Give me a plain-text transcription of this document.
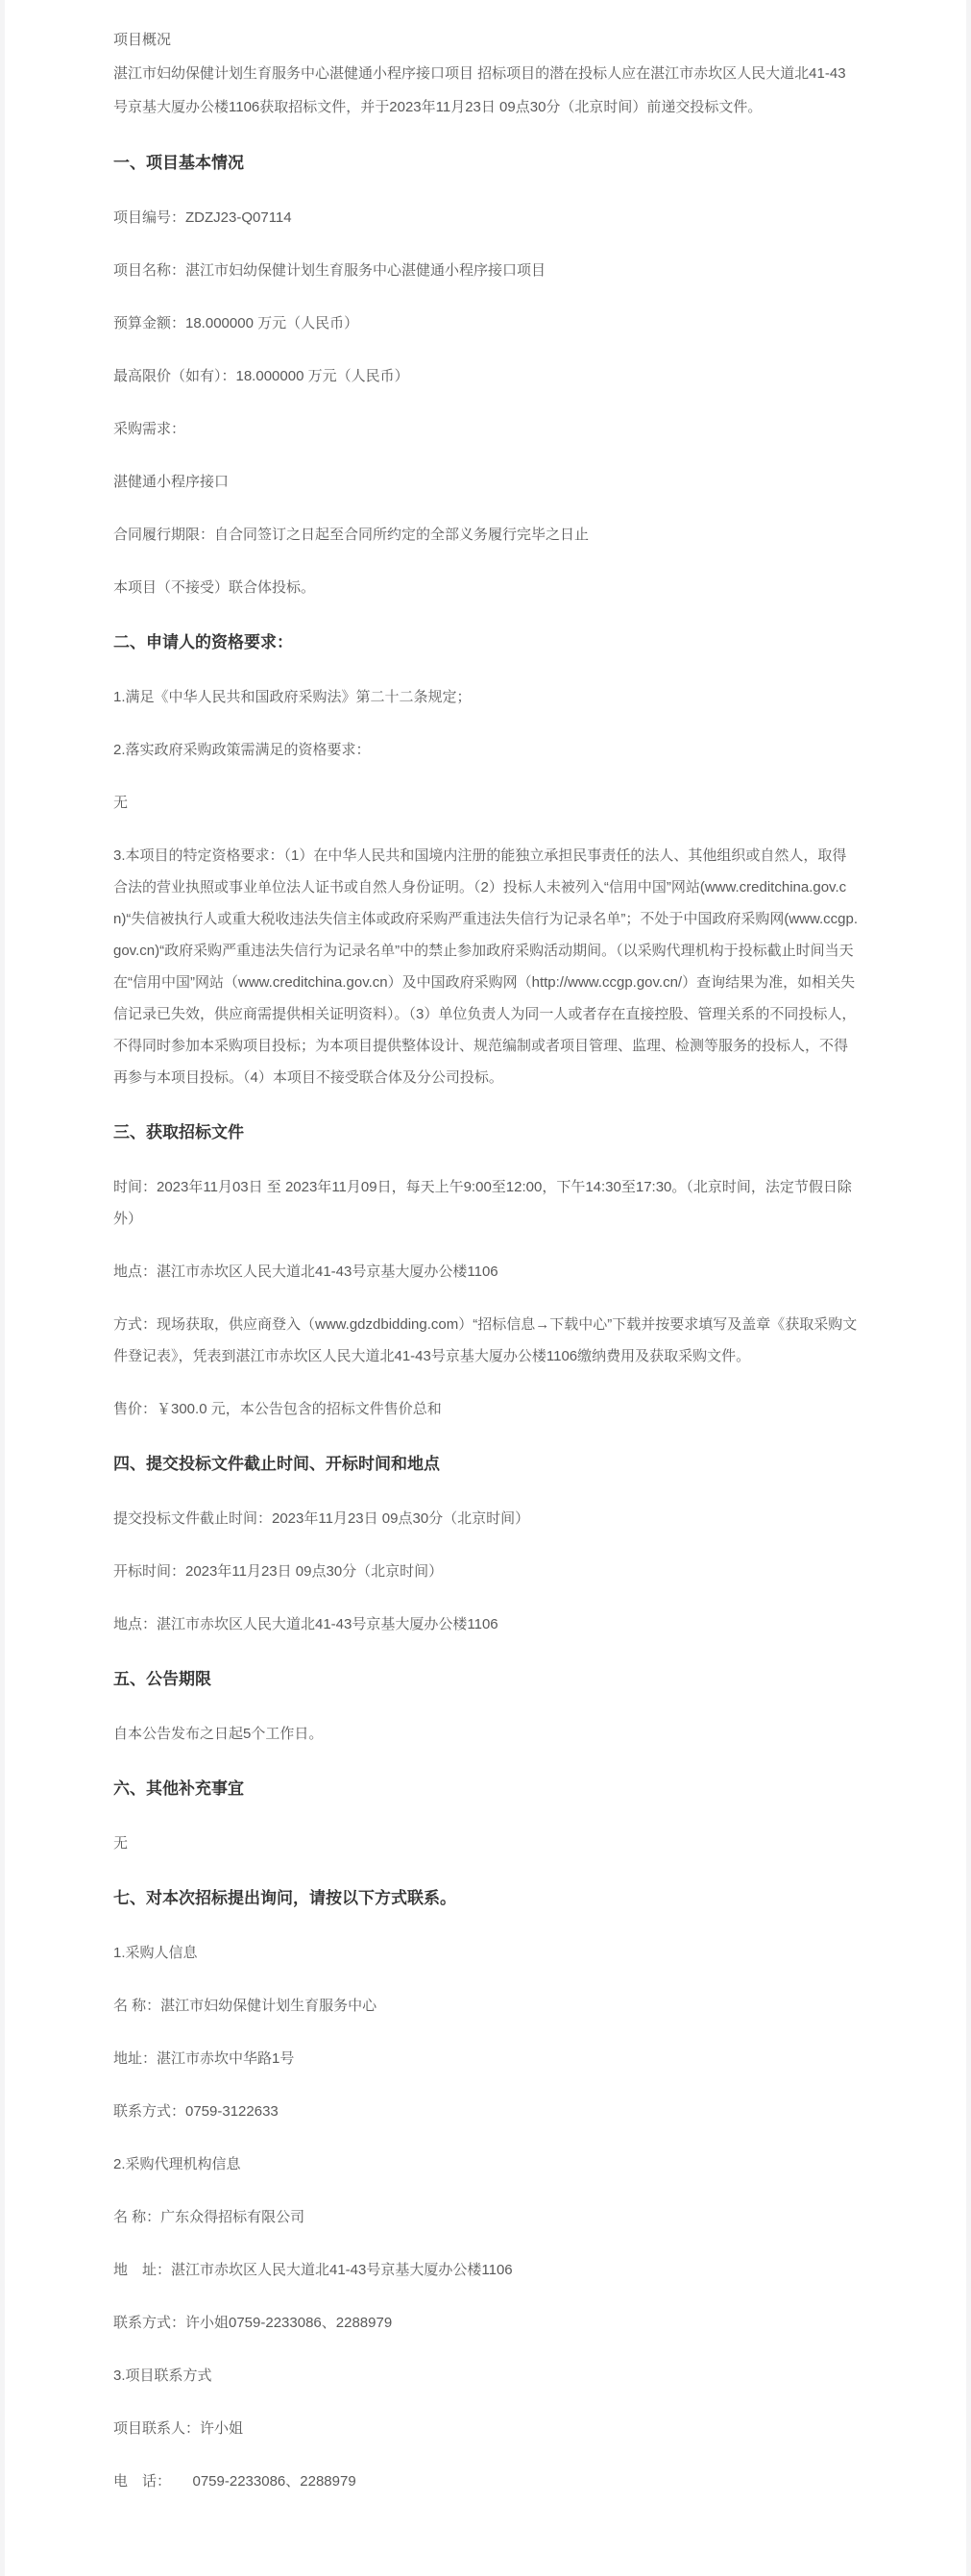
项目概况

湛江市妇幼保健计划生育服务中心湛健通小程序接口项目 招标项目的潜在投标人应在湛江市赤坎区人民大道北41-43号京基大厦办公楼1106获取招标文件，并于2023年11月23日 09点30分（北京时间）前递交投标文件。

一、项目基本情况

项目编号：ZDZJ23-Q07114

项目名称：湛江市妇幼保健计划生育服务中心湛健通小程序接口项目

预算金额：18.000000 万元（人民币）

最高限价（如有）：18.000000 万元（人民币）

采购需求：

湛健通小程序接口

合同履行期限：自合同签订之日起至合同所约定的全部义务履行完毕之日止

本项目（不接受）联合体投标。

二、申请人的资格要求：

1.满足《中华人民共和国政府采购法》第二十二条规定；

2.落实政府采购政策需满足的资格要求：

无

3.本项目的特定资格要求：（1）在中华人民共和国境内注册的能独立承担民事责任的法人、其他组织或自然人，取得合法的营业执照或事业单位法人证书或自然人身份证明。（2）投标人未被列入“信用中国”网站(www.creditchina.gov.cn)“失信被执行人或重大税收违法失信主体或政府采购严重违法失信行为记录名单”；不处于中国政府采购网(www.ccgp.gov.cn)“政府采购严重违法失信行为记录名单”中的禁止参加政府采购活动期间。（以采购代理机构于投标截止时间当天在“信用中国”网站（www.creditchina.gov.cn）及中国政府采购网（http://www.ccgp.gov.cn/）查询结果为准，如相关失信记录已失效，供应商需提供相关证明资料）。（3）单位负责人为同一人或者存在直接控股、管理关系的不同投标人，不得同时参加本采购项目投标；为本项目提供整体设计、规范编制或者项目管理、监理、检测等服务的投标人，不得再参与本项目投标。（4）本项目不接受联合体及分公司投标。

三、获取招标文件

时间：2023年11月03日 至 2023年11月09日，每天上午9:00至12:00，下午14:30至17:30。（北京时间，法定节假日除外）

地点：湛江市赤坎区人民大道北41-43号京基大厦办公楼1106

方式：现场获取，供应商登入（www.gdzdbidding.com）“招标信息→下载中心”下载并按要求填写及盖章《获取采购文件登记表》，凭表到湛江市赤坎区人民大道北41-43号京基大厦办公楼1106缴纳费用及获取采购文件。

售价：￥300.0 元，本公告包含的招标文件售价总和

四、提交投标文件截止时间、开标时间和地点

提交投标文件截止时间：2023年11月23日 09点30分（北京时间）

开标时间：2023年11月23日 09点30分（北京时间）

地点：湛江市赤坎区人民大道北41-43号京基大厦办公楼1106

五、公告期限

自本公告发布之日起5个工作日。

六、其他补充事宜

无

七、对本次招标提出询问，请按以下方式联系。

1.采购人信息

名 称：湛江市妇幼保健计划生育服务中心

地址：湛江市赤坎中华路1号

联系方式：0759-3122633

2.采购代理机构信息

名 称：广东众得招标有限公司

地　址：湛江市赤坎区人民大道北41-43号京基大厦办公楼1106

联系方式：许小姐0759-2233086、2288979

3.项目联系方式

项目联系人：许小姐

电　话：　　0759-2233086、2288979
